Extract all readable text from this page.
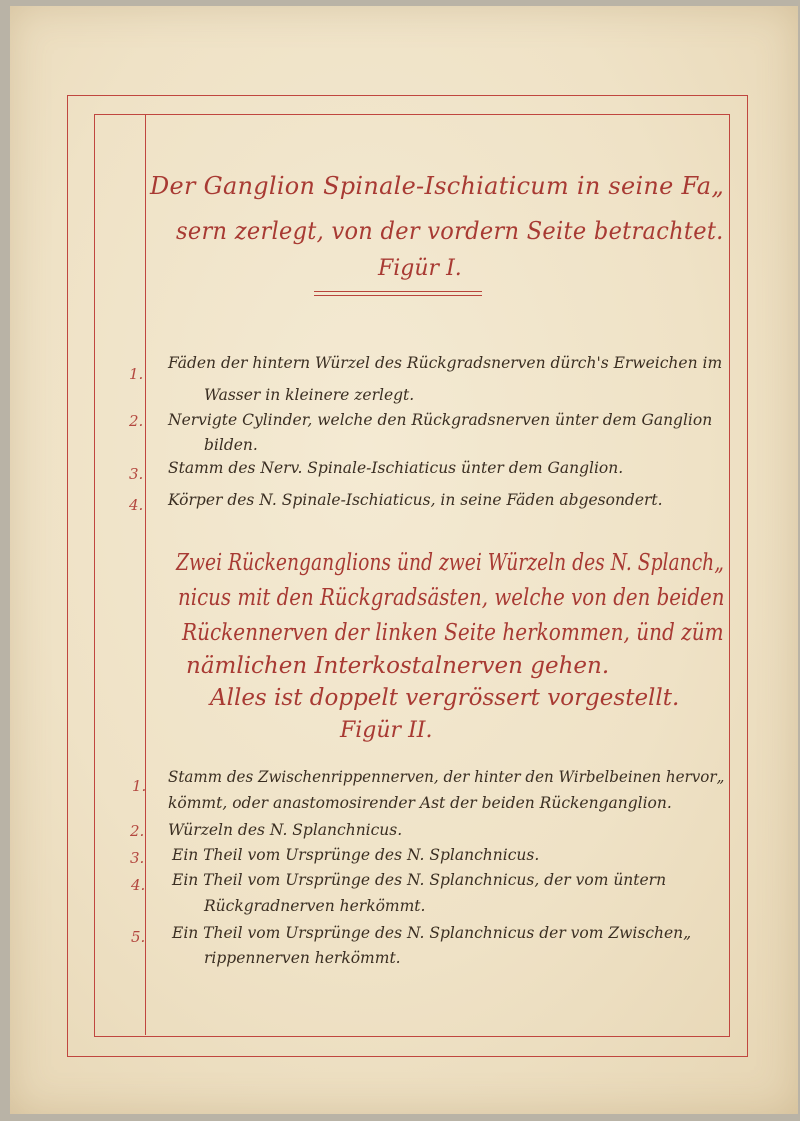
Der Ganglion Spinale-Ischiaticum in seine Fa„
sern zerlegt, von der vordern Seite betrachtet.
Figür I.
1.
Fäden der hintern Würzel des Rückgradsnerven dürch's Erweichen im
Wasser in kleinere zerlegt.
2. Nervigte Cylinder, welche den Rückgradsnerven ünter dem Ganglion
bilden.
3. Stamm des Nerv. Spinale-Ischiaticus ünter dem Ganglion.
4. Körper des N. Spinale-Ischiaticus, in seine Fäden abgesondert.
Zwei Rückenganglions ünd zwei Würzeln des N. Splanch„
nicus mit den Rückgradsästen, welche von den beiden
Rückennerven der linken Seite herkommen, ünd züm
nämlichen Interkostalnerven gehen.
Alles ist doppelt vergrössert vorgestellt.
Figür II.
1. Stamm des Zwischenrippennerven, der hinter den Wirbelbeinen hervor„
kömmt, oder anastomosirender Ast der beiden Rückenganglion.
2. Würzeln des N. Splanchnicus.
3. Ein Theil vom Ursprünge des N. Splanchnicus.
4. Ein Theil vom Ursprünge des N. Splanchnicus, der vom üntern
Rückgradnerven herkömmt.
5. Ein Theil vom Ursprünge des N. Splanchnicus der vom Zwischen„
rippennerven herkömmt.
